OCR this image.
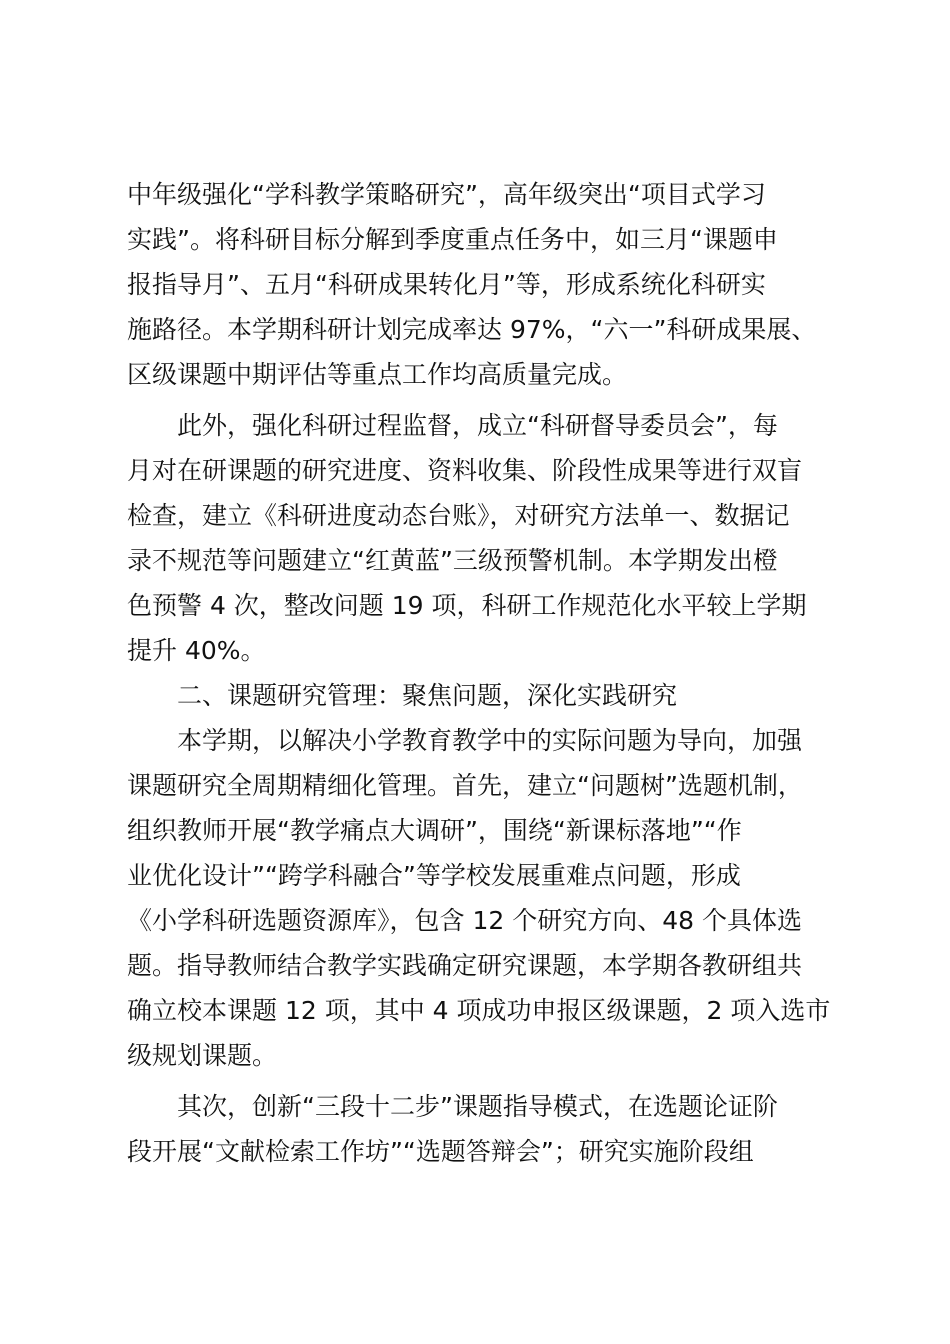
中年级强化“学科教学策略研究”，高年级突出“项目式学习
实践”。将科研目标分解到季度重点任务中，如三月“课题申
报指导月”、五月“科研成果转化月”等，形成系统化科研实
施路径。本学期科研计划完成率达 97%，“六一”科研成果展、
区级课题中期评估等重点工作均高质量完成。
此外，强化科研过程监督，成立“科研督导委员会”，每
月对在研课题的研究进度、资料收集、阶段性成果等进行双盲
检查，建立《科研进度动态台账》，对研究方法单一、数据记
录不规范等问题建立“红黄蓝”三级预警机制。本学期发出橙
色预警 4 次，整改问题 19 项，科研工作规范化水平较上学期
提升 40%。
二、课题研究管理：聚焦问题，深化实践研究
本学期，以解决小学教育教学中的实际问题为导向，加强
课题研究全周期精细化管理。首先，建立“问题树”选题机制，
组织教师开展“教学痛点大调研”，围绕“新课标落地”“作
业优化设计”“跨学科融合”等学校发展重难点问题，形成
《小学科研选题资源库》，包含 12 个研究方向、48 个具体选
题。指导教师结合教学实践确定研究课题，本学期各教研组共
确立校本课题 12 项，其中 4 项成功申报区级课题，2 项入选市
级规划课题。
其次，创新“三段十二步”课题指导模式，在选题论证阶
段开展“文献检索工作坊”“选题答辩会”；研究实施阶段组
